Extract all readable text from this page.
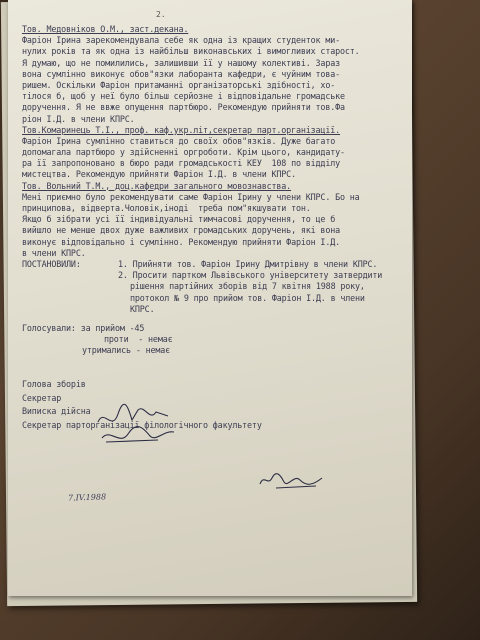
2.
Тов. Медовніков О.М., заст.декана.
Фаріон Ірина зарекомендувала себе як одна із кращих студенток ми-
нулих років та як одна із найбільш виконавських і вимогливих старост.
Я думаю, що не помилились, залишивши її у нашому колективі. Зараз
вона сумлінно виконує обов"язки лаборанта кафедри, є чуйним това-
ришем. Оскільки Фаріон притаманні організаторські здібності, хо-
тілося б, щоб у неї було більш серйозне і відповідальне громадське
доручення. Я не ввже опущення партбюро. Рекомендую прийняти тов.Фа
ріон І.Д. в члени КПРС.
Тов.Комаринець Т.І., проф. каф.укр.літ,секретар парт.організації.
Фаріон Ірина сумлінно ставиться до своїх обов"язків. Дуже багато
допомагала партбюро у здійсненні оргроботи. Крім цього, кандидату-
ра її запропоновано в бюро ради громадськості КЕУ  108 по відділу
мистецтва. Рекомендую прийняти Фаріон І.Д. в члени КПРС.
Тов. Вольний Т.М., доц.кафедри загального мовознавства.
Мені приємно було рекомендувати саме Фаріон Ірину у члени КПРС. Бо на
принципова, відверта.Чоловік,іноді  треба пом"якшувати тон.
Якщо б зібрати усі її індивідуальні тимчасові доручення, то це б
вийшло не менше двох дуже важливих громадських доручень, які вона
виконує відповідально і сумлінно. Рекомендую прийняти Фаріон І.Д.
в члени КПРС.
ПОСТАНОВИЛИ:	1. Прийняти тов. Фаріон Ірину Дмитрівну в члени КПРС.
2. Просити партком Львівського університету затвердити
рішення партійних зборів від 7 квітня 1988 року,
протокол № 9 про прийом тов. Фаріон І.Д. в члени
КПРС.
Голосували: за прийом -45
проти  - немає
утримались - немає
Голова зборів
Секретар
Виписка дійсна
Секретар парторганізації філологічного факультету
7.IV.1988
